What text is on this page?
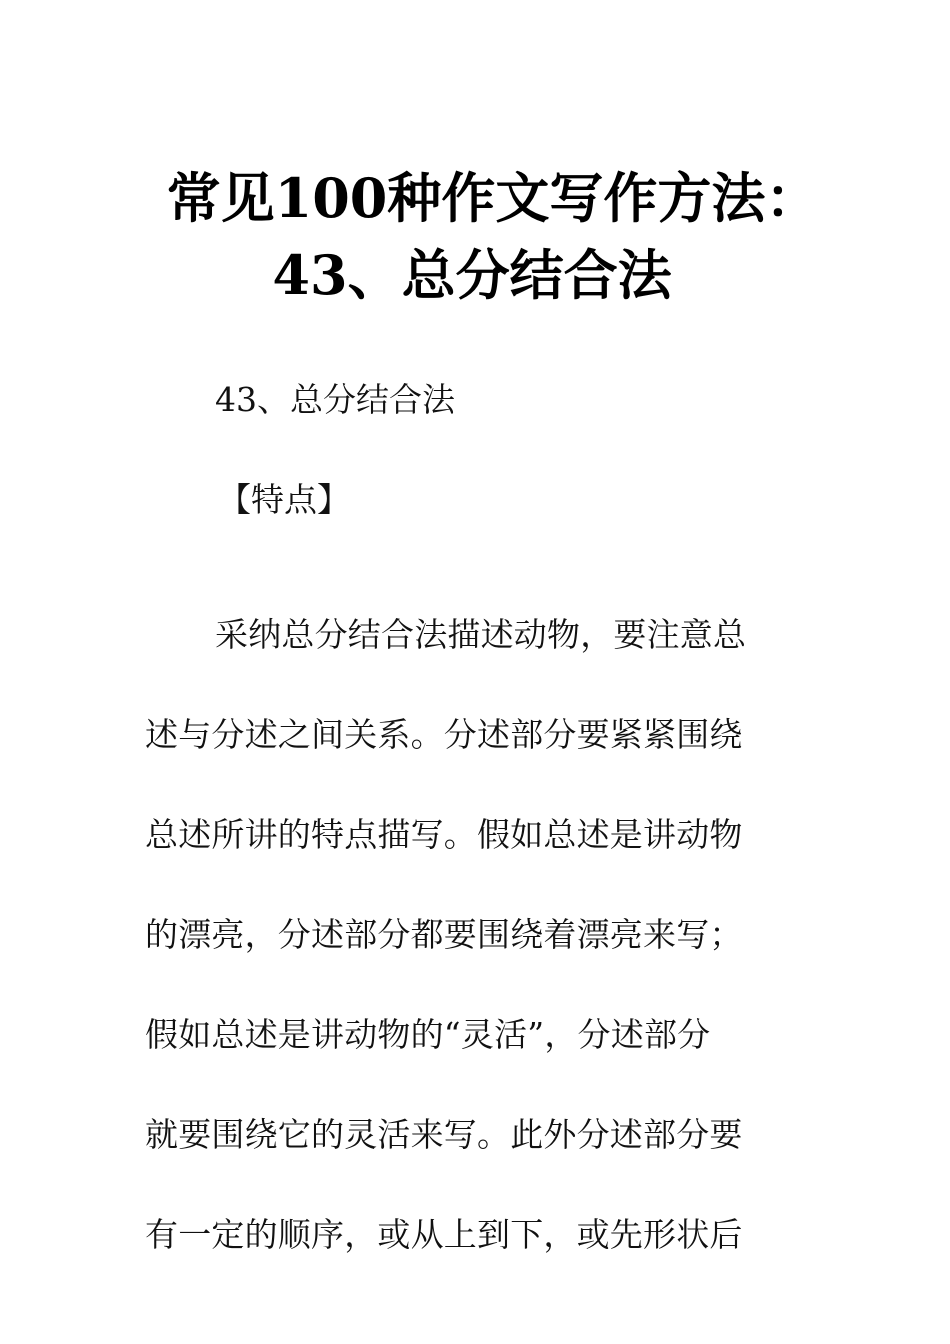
常见100种作文写作方法：
43、总分结合法
43、总分结合法
【特点】

采纳总分结合法描述动物，要注意总

述与分述之间关系。分述部分要紧紧围绕

总述所讲的特点描写。假如总述是讲动物

的漂亮，分述部分都要围绕着漂亮来写；

假如总述是讲动物的“灵活”，分述部分

就要围绕它的灵活来写。此外分述部分要

有一定的顺序，或从上到下，或先形状后
